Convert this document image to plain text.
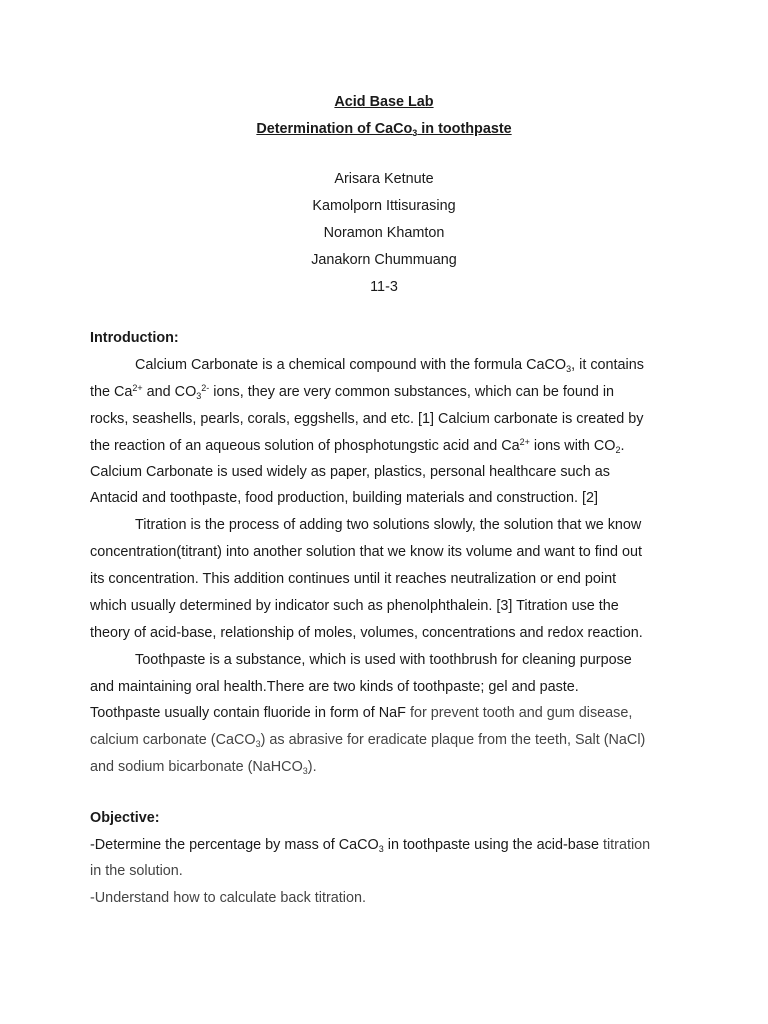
Acid Base Lab
Determination of CaCo$_3$ in toothpaste
Arisara Ketnute
Kamolporn Ittisurasing
Noramon Khamton
Janakorn Chummuang
11-3
Introduction:
Calcium Carbonate is a chemical compound with the formula CaCO$_3$, it contains
the $Ca^{2+}$ and $CO_3^{2-}$ ions, they are very common substances, which can be found in
rocks, seashells, pearls, corals, eggshells, and etc. [1] Calcium carbonate is created by
the reaction of an aqueous solution of phosphotungstic acid and $Ca^{2+}$ ions with $CO_2$.
Calcium Carbonate is used widely as paper, plastics, personal healthcare such as
Antacid and toothpaste, food production, building materials and construction. [2]
Titration is the process of adding two solutions slowly, the solution that we know
concentration(titrant) into another solution that we know its volume and want to find out
its concentration. This addition continues until it reaches neutralization or end point
which usually determined by indicator such as phenolphthalein. [3] Titration use the
theory of acid-base, relationship of moles, volumes, concentrations and redox reaction.
Toothpaste is a substance, which is used with toothbrush for cleaning purpose
and maintaining oral health.There are two kinds of toothpaste; gel and paste.
Toothpaste usually contain fluoride in form of NaF for prevent tooth and gum disease,
calcium carbonate (CaCO$_3$) as abrasive for eradicate plaque from the teeth, Salt (NaCl)
and sodium bicarbonate (NaHCO$_3$).
Objective:
-Determine the percentage by mass of CaCO$_3$ in toothpaste using the acid-base titration
in the solution.
-Understand how to calculate back titration.
